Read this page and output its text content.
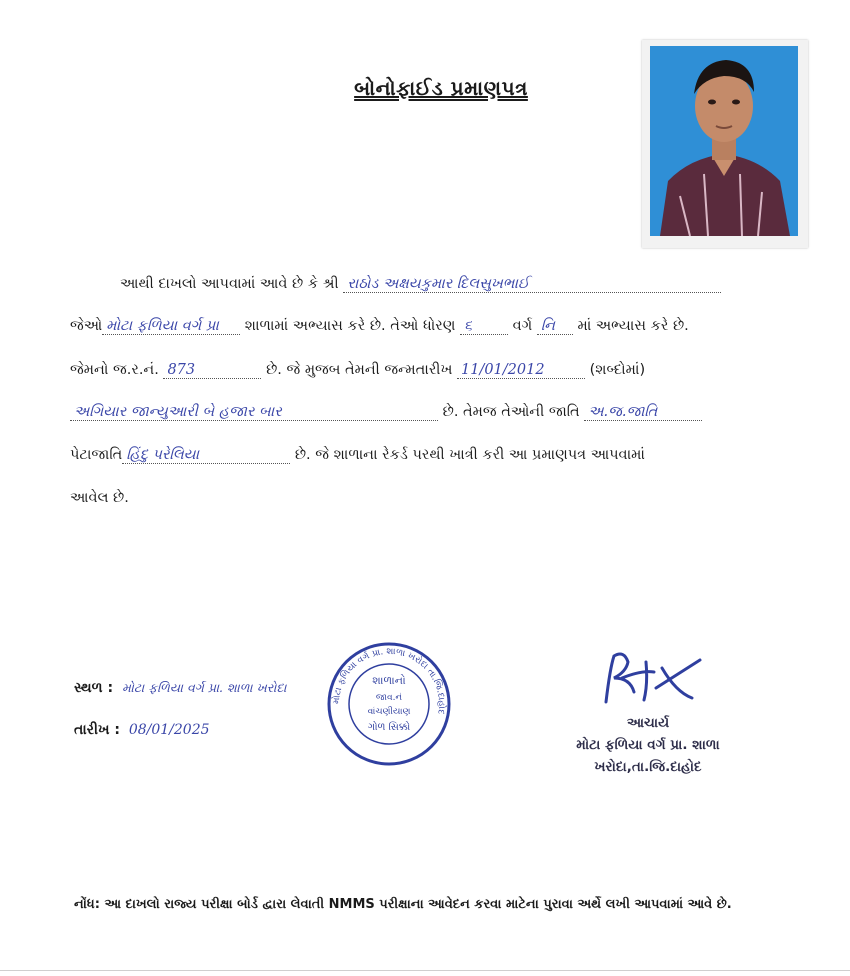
બોનોફાઈડ પ્રમાણપત્ર
આથી દાખલો આપવામાં આવે છે કે શ્રી રાઠોડ અક્ષયકુમાર દિલસુખભાઈ
જેઓ મોટા ફળિયા વર્ગ પ્રા શાળામાં અભ્યાસ કરે છે. તેઓ ધોરણ ૬	વર્ગ નિ માં અભ્યાસ કરે છે.
જેમનો જ.ર.નં. 873	છે. જે મુજબ તેમની જન્મતારીખ 11/01/2012	(શબ્દોમાં)
અગિયાર જાન્યુઆરી બે હજાર બાર	છે. તેમજ તેઓની જાતિ અ.જ.જાતિ
પેટાજાતિ હિંદુ પરેલિયા	છે. જે શાળાના રેકર્ડ પરથી ખાત્રી કરી આ પ્રમાણપત્ર આપવામાં
આવેલ છે.
સ્થળ : મોટા ફળિયા વર્ગ પ્રા. શાળા ખરોદા
તારીખ : 08/01/2025
મોટા ફળિયા વર્ગ પ્રા. શાળા ખરોદા તા.જિ.દાહોદ
શાળાનો
જાવ.નં
વાંચણીયાણ
ગોળ સિક્કો	આચાર્ય
મોટા ફળિયા વર્ગ પ્રા. શાળા
ખરોદા,તા.જિ.દાહોદ
નોંધ: આ દાખલો રાજ્ય પરીક્ષા બોર્ડ દ્વારા લેવાતી NMMS પરીક્ષાના આવેદન કરવા માટેના પુરાવા અર્થે લખી આપવામાં આવે છે.
